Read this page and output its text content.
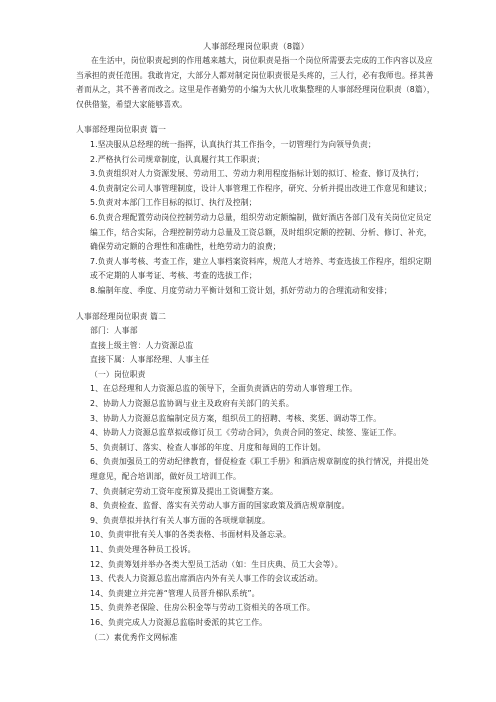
人事部经理岗位职责（8篇）
在生活中，岗位职责起到的作用越来越大，岗位职责是指一个岗位所需要去完成的工作内容以及应当承担的责任范围。我敢肯定，大部分人都对制定岗位职责很是头疼的，三人行，必有我师也。择其善者而从之，其不善者而改之。这里是作者勤劳的小编为大伙儿收集整理的人事部经理岗位职责（8篇），仅供借鉴，希望大家能够喜欢。
人事部经理岗位职责 篇一
1.坚决服从总经理的统一指挥，认真执行其工作指令，一切管理行为向领导负责；
2.严格执行公司规章制度，认真履行其工作职责；
3.负责组织对人力资源发展、劳动用工、劳动力利用程度指标计划的拟订、检查、修订及执行；
4.负责制定公司人事管理制度，设计人事管理工作程序，研究、分析并提出改进工作意见和建议；
5.负责对本部门工作目标的拟订、执行及控制；
6.负责合理配置劳动岗位控制劳动力总量，组织劳动定额编制，做好酒店各部门及有关岗位定员定编工作，结合实际，合理控制劳动力总量及工资总额，及时组织定额的控制、分析、修订、补充，确保劳动定额的合理性和准确性，杜绝劳动力的浪费；
7.负责人事考核、考查工作，建立人事档案资料库，规范人才培养、考查选拔工作程序，组织定期或不定期的人事考证、考核、考查的选拔工作；
8.编制年度、季度、月度劳动力平衡计划和工资计划，抓好劳动力的合理流动和安排；
人事部经理岗位职责 篇二
部门：人事部
直接上级主管：人力资源总监
直接下属：人事部经理、人事主任
（一）岗位职责
1、在总经理和人力资源总监的领导下，全面负责酒店的劳动人事管理工作。
2、协助人力资源总监协调与业主及政府有关部门的关系。
3、协助人力资源总监编制定员方案，组织员工的招聘、考核、奖惩、调动等工作。
4、协助人力资源总监草拟或修订员工《劳动合同》，负责合同的签定、续签、鉴证工作。
5、负责制订、落实、检查人事部的年度、月度和每周的工作计划。
6、负责加强员工的劳动纪律教育，督促检查《职工手册》和酒店规章制度的执行情况，并提出处理意见，配合培训部，做好员工培训工作。
7、负责制定劳动工资年度预算及提出工资调整方案。
8、负责检查、监督、落实有关劳动人事方面的国家政策及酒店规章制度。
9、负责草拟并执行有关人事方面的各项规章制度。
10、负责审批有关人事的各类表格、书面材料及备忘录。
11、负责处理各种员工投诉。
12、负责筹划并举办各类大型员工活动（如：生日庆典、员工大会等）。
13、代表人力资源总监出席酒店内外有关人事工作的会议或活动。
14、负责建立并完善“管理人员晋升梯队系统”。
15、负责养老保险、住房公积金等与劳动工资相关的各项工作。
16、负责完成人力资源总监临时委派的其它工作。
（二）素优秀作文网标准
